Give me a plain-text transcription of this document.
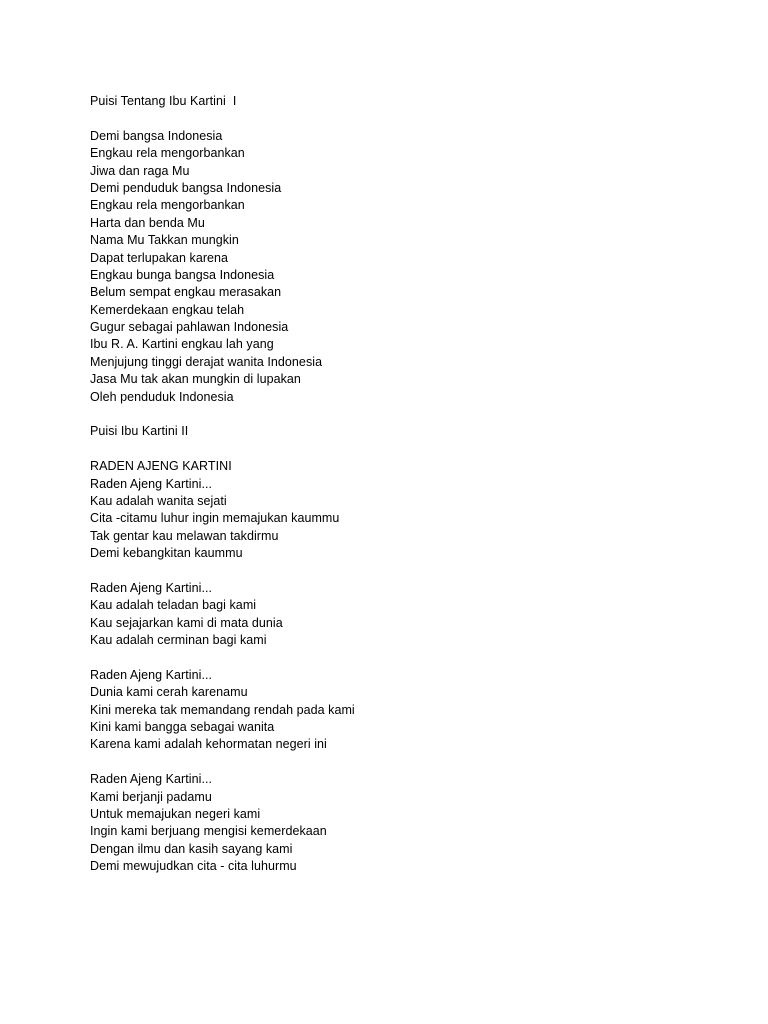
Puisi Tentang Ibu Kartini  I
Demi bangsa Indonesia
Engkau rela mengorbankan
Jiwa dan raga Mu
Demi penduduk bangsa Indonesia
Engkau rela mengorbankan
Harta dan benda Mu
Nama Mu Takkan mungkin
Dapat terlupakan karena
Engkau bunga bangsa Indonesia
Belum sempat engkau merasakan
Kemerdekaan engkau telah
Gugur sebagai pahlawan Indonesia
Ibu R. A. Kartini engkau lah yang
Menjujung tinggi derajat wanita Indonesia
Jasa Mu tak akan mungkin di lupakan
Oleh penduduk Indonesia
Puisi Ibu Kartini II
RADEN AJENG KARTINI
Raden Ajeng Kartini...
Kau adalah wanita sejati
Cita -citamu luhur ingin memajukan kaummu
Tak gentar kau melawan takdirmu
Demi kebangkitan kaummu
Raden Ajeng Kartini...
Kau adalah teladan bagi kami
Kau sejajarkan kami di mata dunia
Kau adalah cerminan bagi kami
Raden Ajeng Kartini...
Dunia kami cerah karenamu
Kini mereka tak memandang rendah pada kami
Kini kami bangga sebagai wanita
Karena kami adalah kehormatan negeri ini
Raden Ajeng Kartini...
Kami berjanji padamu
Untuk memajukan negeri kami
Ingin kami berjuang mengisi kemerdekaan
Dengan ilmu dan kasih sayang kami
Demi mewujudkan cita - cita luhurmu
